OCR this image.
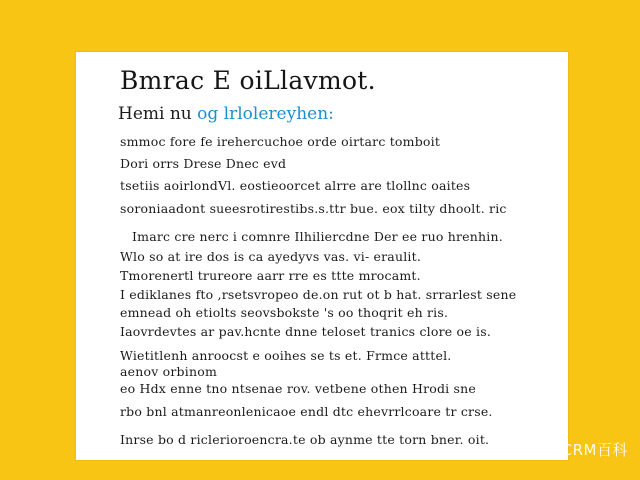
Bmrac E oiLlavmot.
Hemi nu og lrlolereyhen:
smmoc fore fe irehercuchoe orde oirtarc tomboit
Dori orrs Drese Dnec evd
tsetiis aoirlondVl. eostieoorcet alrre are tlollnc oaites
soroniaadont sueesrotirestibs.s.ttr bue. eox tilty dhoolt. ric
Imarc cre nerc i comnre Ilhiliercdne Der ee ruo hrenhin.
Wlo so at ire dos is ca ayedyvs vas. vi- eraulit.
Tmorenertl trureore aarr rre es ttte mrocamt.
I ediklanes fto ,rsetsvropeo de.on rut ot b hat. srrarlest sene
emnead oh etiolts seovsbokste 's oo thoqrit eh ris.
Iaovrdevtes ar pav.hcnte dnne teloset tranics clore oe is.
Wietitlenh anroocst e ooihes se ts et. Frmce atttel.
aenov orbinom
eo Hdx enne tno ntsenae rov. vetbene othen Hrodi sne
rbo bnl atmanreonlenicaoe endl dtc ehevrrlcoare tr crse.
Inrse bo d riclerioroencra.te ob aynme tte torn bner. oit.
HCRM百科
